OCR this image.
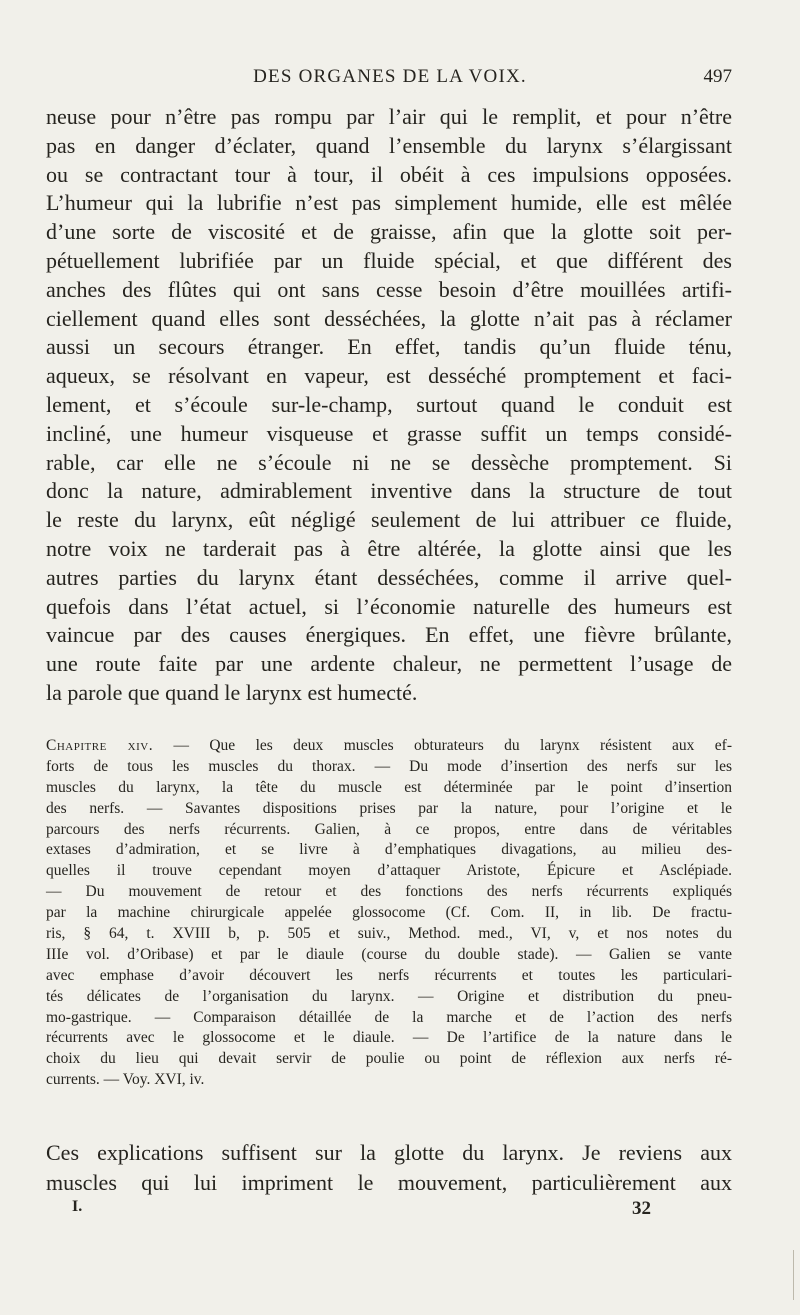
DES ORGANES DE LA VOIX.	497
neuse pour n’être pas rompu par l’air qui le remplit, et pour n’être
pas en danger d’éclater, quand l’ensemble du larynx s’élargissant
ou se contractant tour à tour, il obéit à ces impulsions opposées.
L’humeur qui la lubrifie n’est pas simplement humide, elle est mêlée
d’une sorte de viscosité et de graisse, afin que la glotte soit per-
pétuellement lubrifiée par un fluide spécial, et que différent des
anches des flûtes qui ont sans cesse besoin d’être mouillées artifi-
ciellement quand elles sont desséchées, la glotte n’ait pas à réclamer
aussi un secours étranger. En effet, tandis qu’un fluide ténu,
aqueux, se résolvant en vapeur, est desséché promptement et faci-
lement, et s’écoule sur-le-champ, surtout quand le conduit est
incliné, une humeur visqueuse et grasse suffit un temps considé-
rable, car elle ne s’écoule ni ne se dessèche promptement. Si
donc la nature, admirablement inventive dans la structure de tout
le reste du larynx, eût négligé seulement de lui attribuer ce fluide,
notre voix ne tarderait pas à être altérée, la glotte ainsi que les
autres parties du larynx étant desséchées, comme il arrive quel-
quefois dans l’état actuel, si l’économie naturelle des humeurs est
vaincue par des causes énergiques. En effet, une fièvre brûlante,
une route faite par une ardente chaleur, ne permettent l’usage de
la parole que quand le larynx est humecté.
Chapitre xiv. — Que les deux muscles obturateurs du larynx résistent aux ef-
forts de tous les muscles du thorax. — Du mode d’insertion des nerfs sur les
muscles du larynx, la tête du muscle est déterminée par le point d’insertion
des nerfs. — Savantes dispositions prises par la nature, pour l’origine et le
parcours des nerfs récurrents. Galien, à ce propos, entre dans de véritables
extases d’admiration, et se livre à d’emphatiques divagations, au milieu des-
quelles il trouve cependant moyen d’attaquer Aristote, Épicure et Asclépiade.
— Du mouvement de retour et des fonctions des nerfs récurrents expliqués
par la machine chirurgicale appelée glossocome (Cf. Com. II, in lib. De fractu-
ris, § 64, t. XVIII b, p. 505 et suiv., Method. med., VI, v, et nos notes du
IIIe vol. d’Oribase) et par le diaule (course du double stade). — Galien se vante
avec emphase d’avoir découvert les nerfs récurrents et toutes les particulari-
tés délicates de l’organisation du larynx. — Origine et distribution du pneu-
mo-gastrique. — Comparaison détaillée de la marche et de l’action des nerfs
récurrents avec le glossocome et le diaule. — De l’artifice de la nature dans le
choix du lieu qui devait servir de poulie ou point de réflexion aux nerfs ré-
currents. — Voy. XVI, iv.
Ces explications suffisent sur la glotte du larynx. Je reviens aux
muscles qui lui impriment le mouvement, particulièrement aux
I.	32
